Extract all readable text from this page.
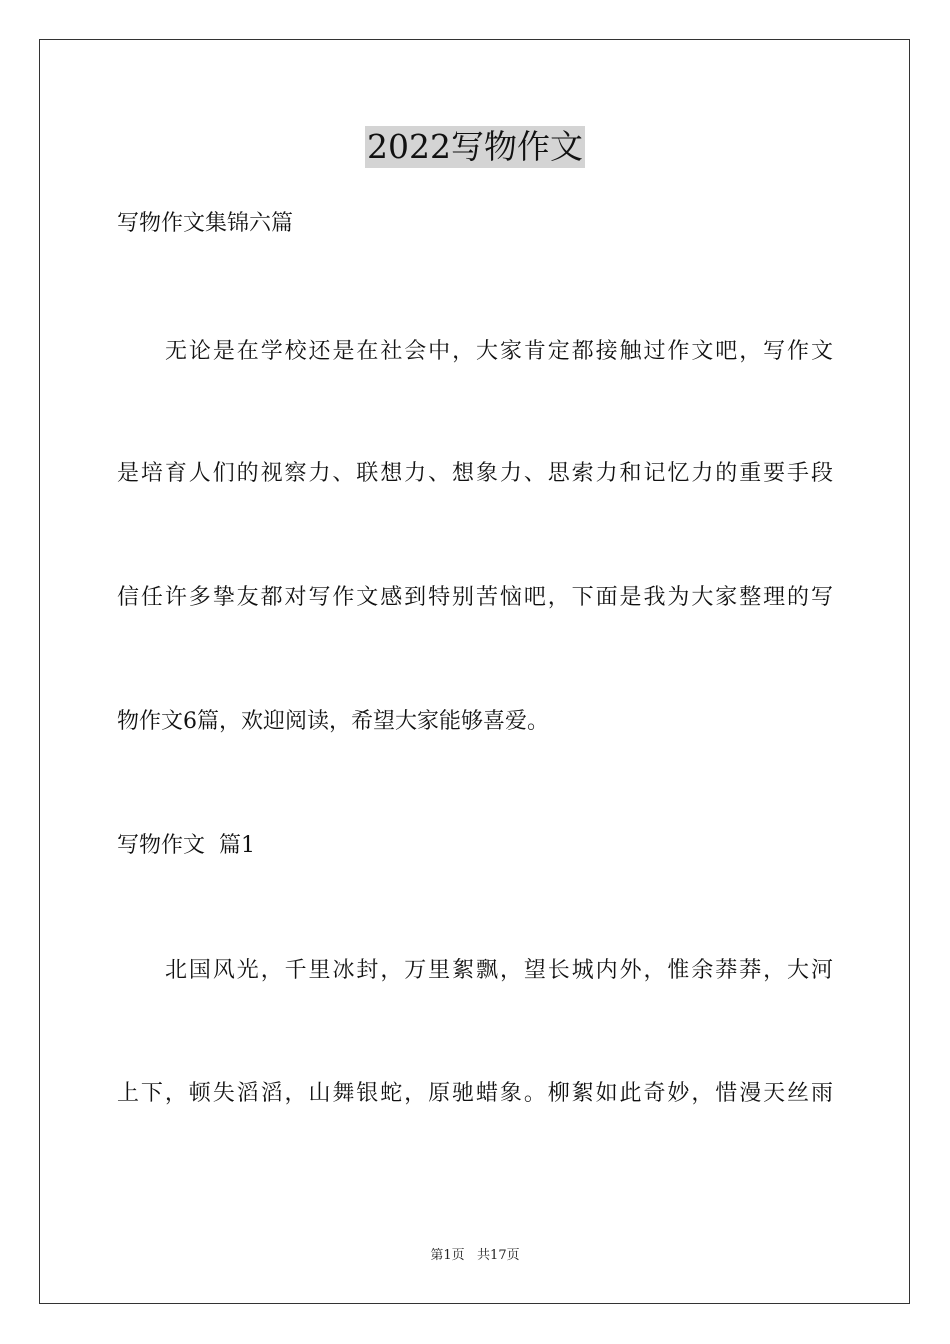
2022写物作文
写物作文集锦六篇
无论是在学校还是在社会中，大家肯定都接触过作文吧，写作文
是培育人们的视察力、联想力、想象力、思索力和记忆力的重要手段
信任许多挚友都对写作文感到特别苦恼吧，下面是我为大家整理的写
物作文6篇，欢迎阅读，希望大家能够喜爱。
写物作文  篇1
北国风光，千里冰封，万里絮飘，望长城内外，惟余莽莽，大河
上下，顿失滔滔，山舞银蛇，原驰蜡象。柳絮如此奇妙，惜漫天丝雨
第1页   共17页
